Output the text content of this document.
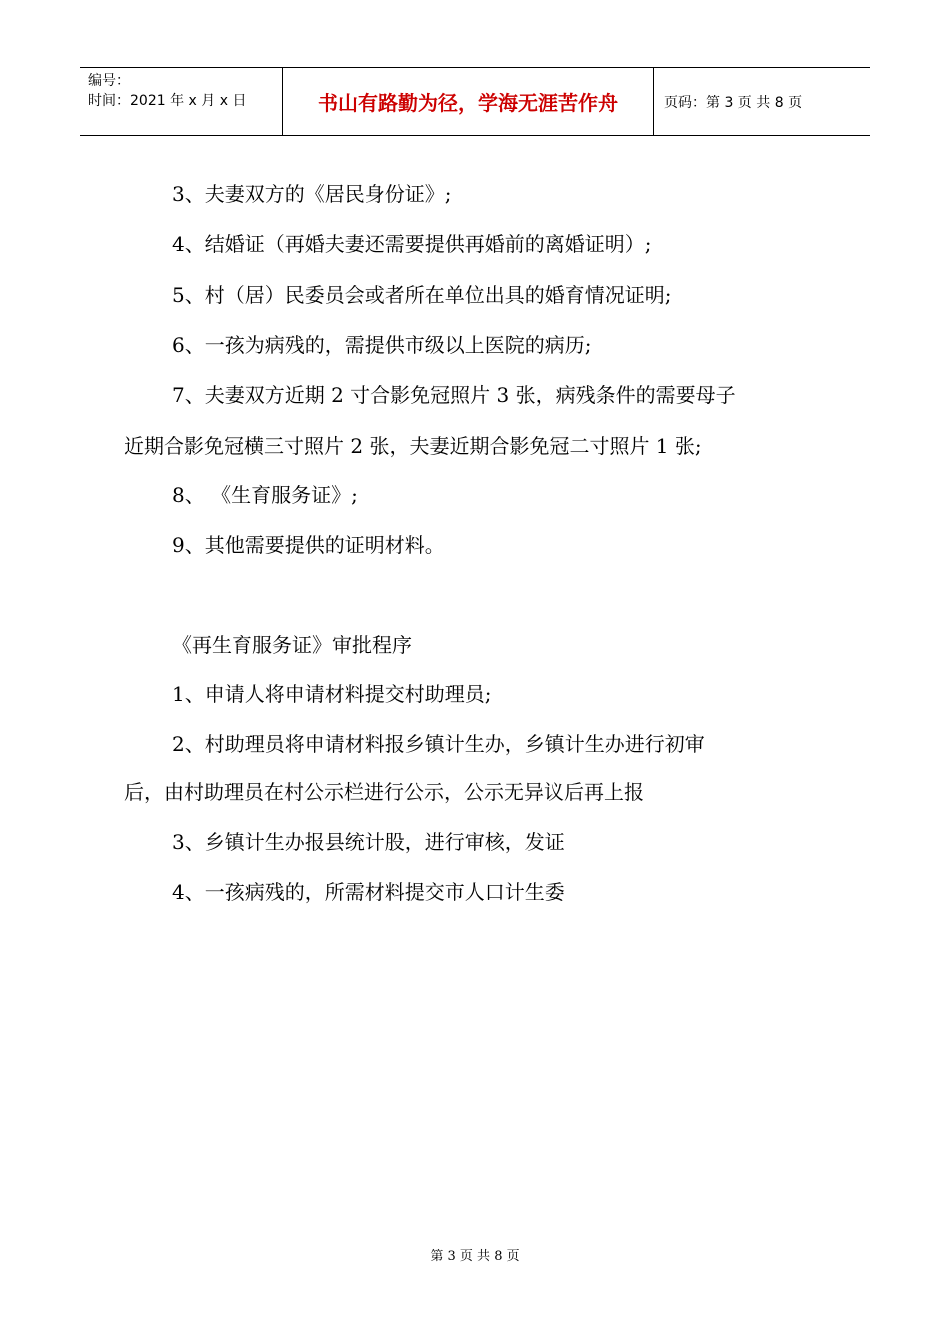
编号：
时间：2021 年 x 月 x 日	书山有路勤为径，学海无涯苦作舟	页码：第 3 页 共 8 页
3、夫妻双方的《居民身份证》;
4、结婚证（再婚夫妻还需要提供再婚前的离婚证明）;
5、村（居）民委员会或者所在单位出具的婚育情况证明;
6、一孩为病残的，需提供市级以上医院的病历;
7、夫妻双方近期 2 寸合影免冠照片 3 张，病残条件的需要母子
近期合影免冠横三寸照片 2 张，夫妻近期合影免冠二寸照片 1 张;
8、 《生育服务证》;
9、其他需要提供的证明材料。
《再生育服务证》审批程序
1、申请人将申请材料提交村助理员;
2、村助理员将申请材料报乡镇计生办，乡镇计生办进行初审
后，由村助理员在村公示栏进行公示，公示无异议后再上报
3、乡镇计生办报县统计股，进行审核，发证
4、一孩病残的，所需材料提交市人口计生委
第 3 页 共 8 页
